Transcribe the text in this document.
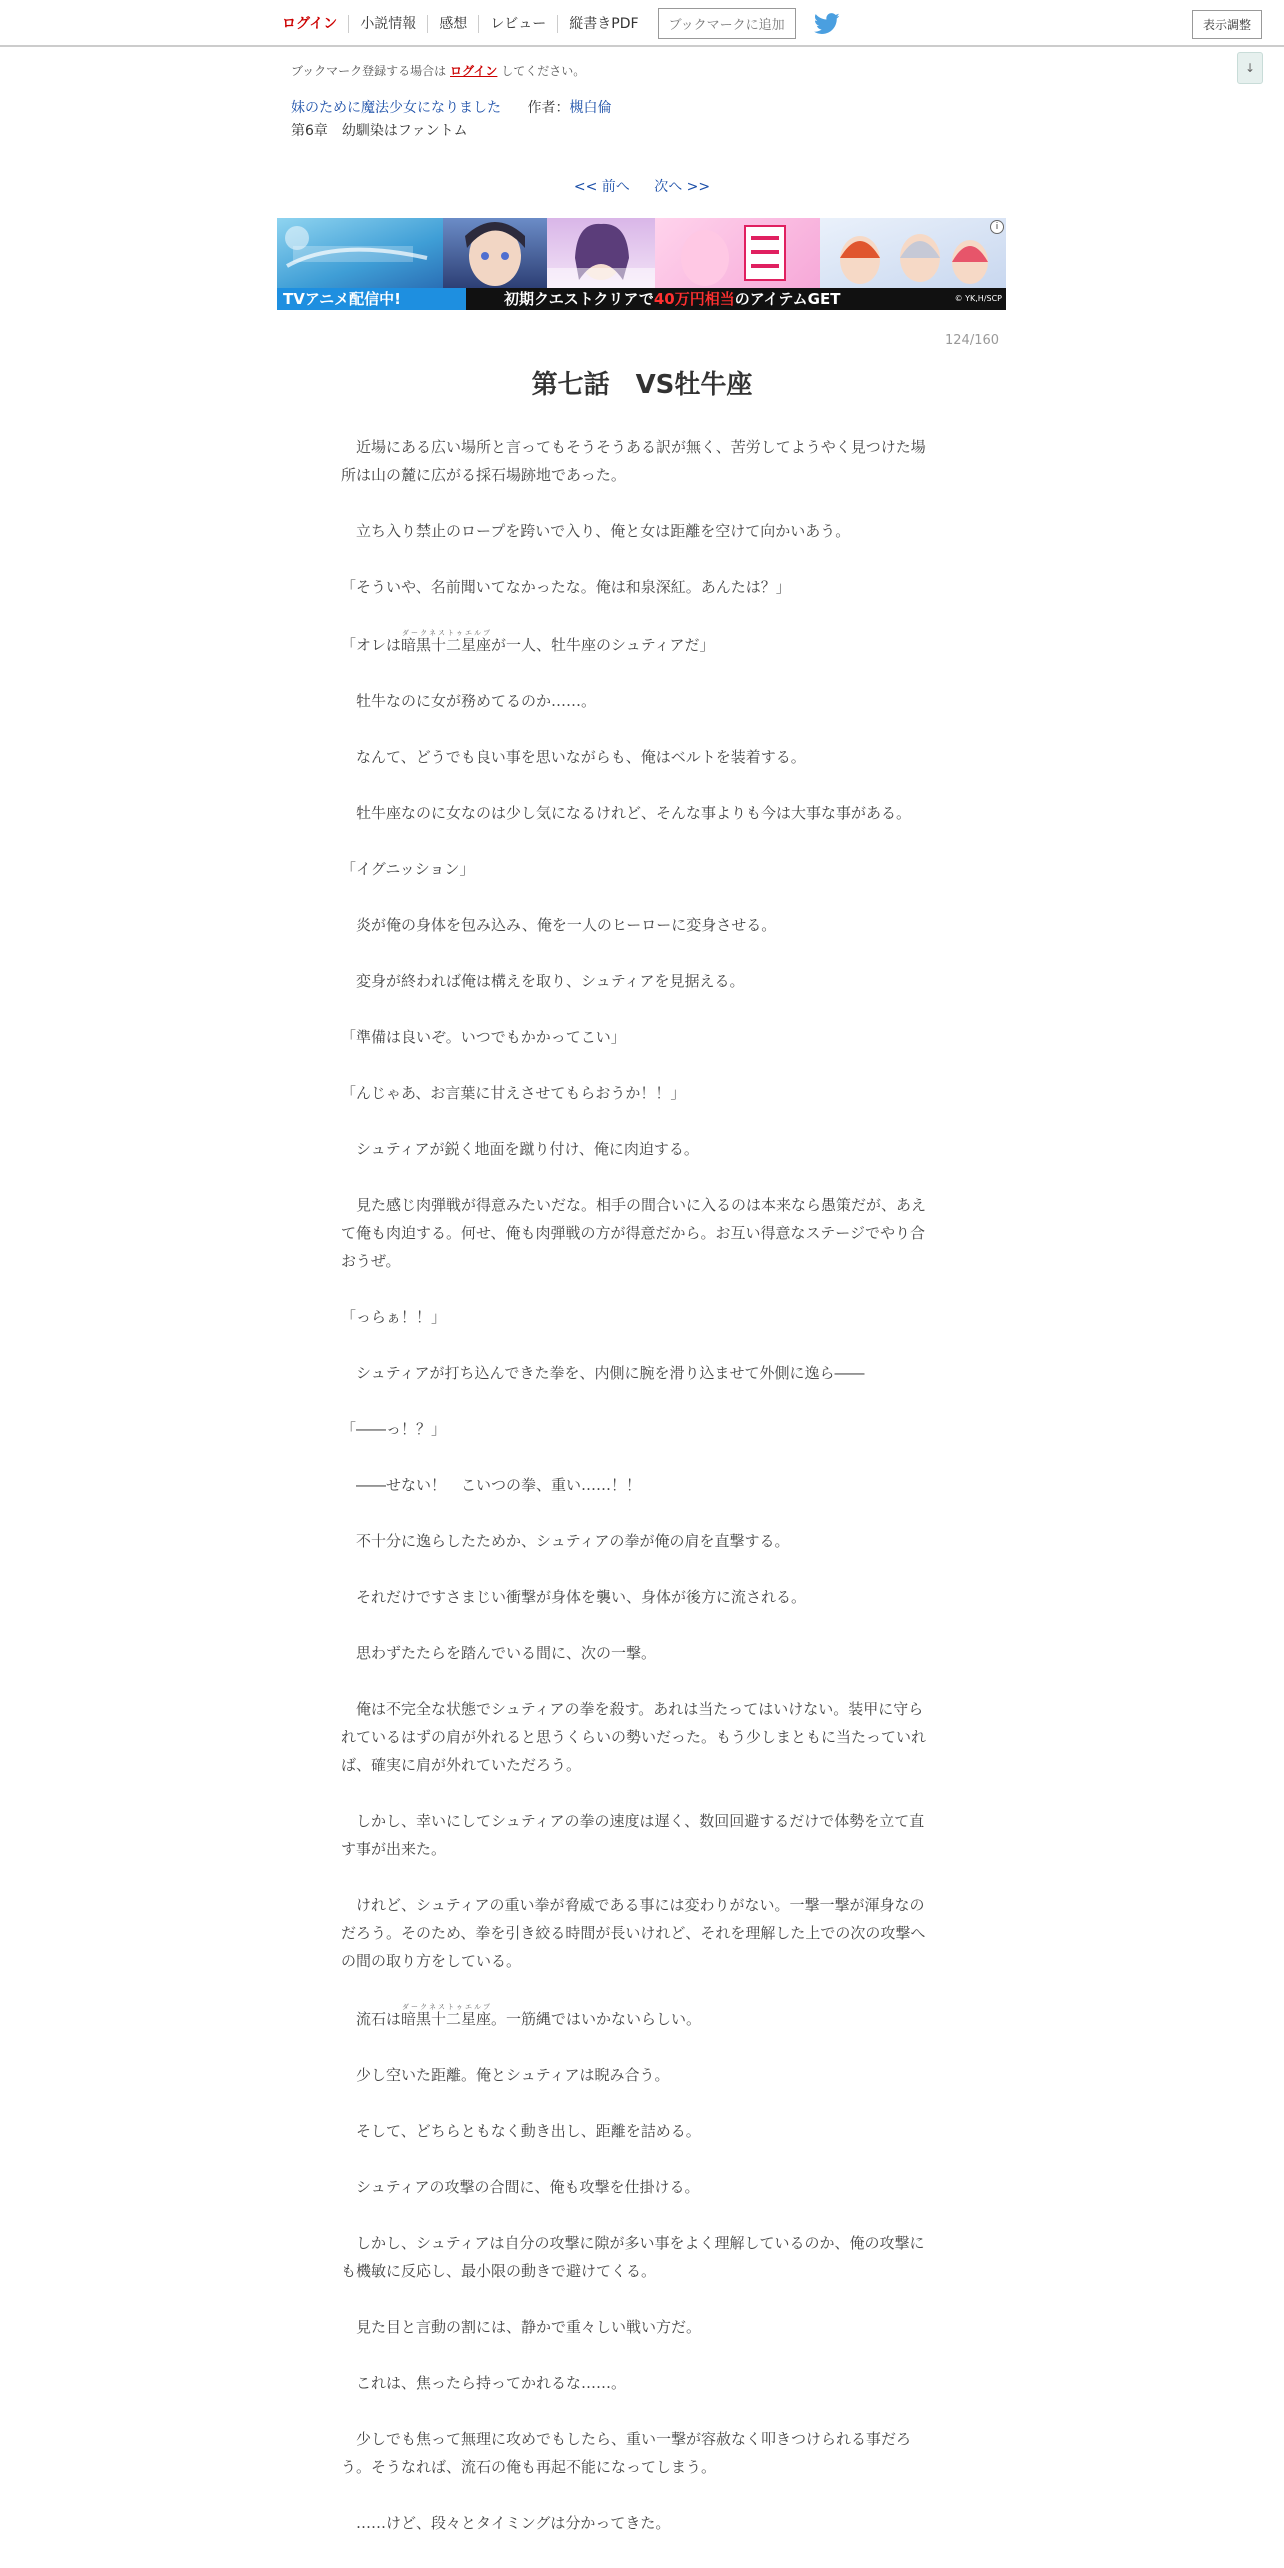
ログイン	小説情報	感想	レビュー	縦書きPDF	ブックマークに追加	表示調整
↓
ブックマーク登録する場合は ログイン してください。
妹のために魔法少女になりました 作者：槻白倫
第6章　幼馴染はファントム
<< 前へ 次へ >>
TVアニメ配信中!	初期クエストクリアで40万円相当のアイテムGET	© YK,H/SCP
i
124/160
第七話　VS牡牛座
　近場にある広い場所と言ってもそうそうある訳が無く、苦労してようやく見つけた場所は山の麓に広がる採石場跡地であった。
　立ち入り禁止のロープを跨いで入り、俺と女は距離を空けて向かいあう。
「そういや、名前聞いてなかったな。俺は和泉深紅。あんたは？」
「オレは暗黒十二星座ダークネストゥエルブが一人、牡牛座のシュティアだ」
　牡牛なのに女が務めてるのか……。
　なんて、どうでも良い事を思いながらも、俺はベルトを装着する。
　牡牛座なのに女なのは少し気になるけれど、そんな事よりも今は大事な事がある。
「イグニッション」
　炎が俺の身体を包み込み、俺を一人のヒーローに変身させる。
　変身が終われば俺は構えを取り、シュティアを見据える。
「準備は良いぞ。いつでもかかってこい」
「んじゃあ、お言葉に甘えさせてもらおうか！！」
　シュティアが鋭く地面を蹴り付け、俺に肉迫する。
　見た感じ肉弾戦が得意みたいだな。相手の間合いに入るのは本来なら愚策だが、あえて俺も肉迫する。何せ、俺も肉弾戦の方が得意だから。お互い得意なステージでやり合おうぜ。
「っらぁ！！」
　シュティアが打ち込んできた拳を、内側に腕を滑り込ませて外側に逸ら――
「――っ！？」
　――せない！　こいつの拳、重い……！！
　不十分に逸らしたためか、シュティアの拳が俺の肩を直撃する。
　それだけですさまじい衝撃が身体を襲い、身体が後方に流される。
　思わずたたらを踏んでいる間に、次の一撃。
　俺は不完全な状態でシュティアの拳を殺す。あれは当たってはいけない。装甲に守られているはずの肩が外れると思うくらいの勢いだった。もう少しまともに当たっていれば、確実に肩が外れていただろう。
　しかし、幸いにしてシュティアの拳の速度は遅く、数回回避するだけで体勢を立て直す事が出来た。
　けれど、シュティアの重い拳が脅威である事には変わりがない。一撃一撃が渾身なのだろう。そのため、拳を引き絞る時間が長いけれど、それを理解した上での次の攻撃への間の取り方をしている。
　流石は暗黒十二星座ダークネストゥエルブ。一筋縄ではいかないらしい。
　少し空いた距離。俺とシュティアは睨み合う。
　そして、どちらともなく動き出し、距離を詰める。
　シュティアの攻撃の合間に、俺も攻撃を仕掛ける。
　しかし、シュティアは自分の攻撃に隙が多い事をよく理解しているのか、俺の攻撃にも機敏に反応し、最小限の動きで避けてくる。
　見た目と言動の割には、静かで重々しい戦い方だ。
　これは、焦ったら持ってかれるな……。
　少しでも焦って無理に攻めでもしたら、重い一撃が容赦なく叩きつけられる事だろう。そうなれば、流石の俺も再起不能になってしまう。
　……けど、段々とタイミングは分かってきた。
